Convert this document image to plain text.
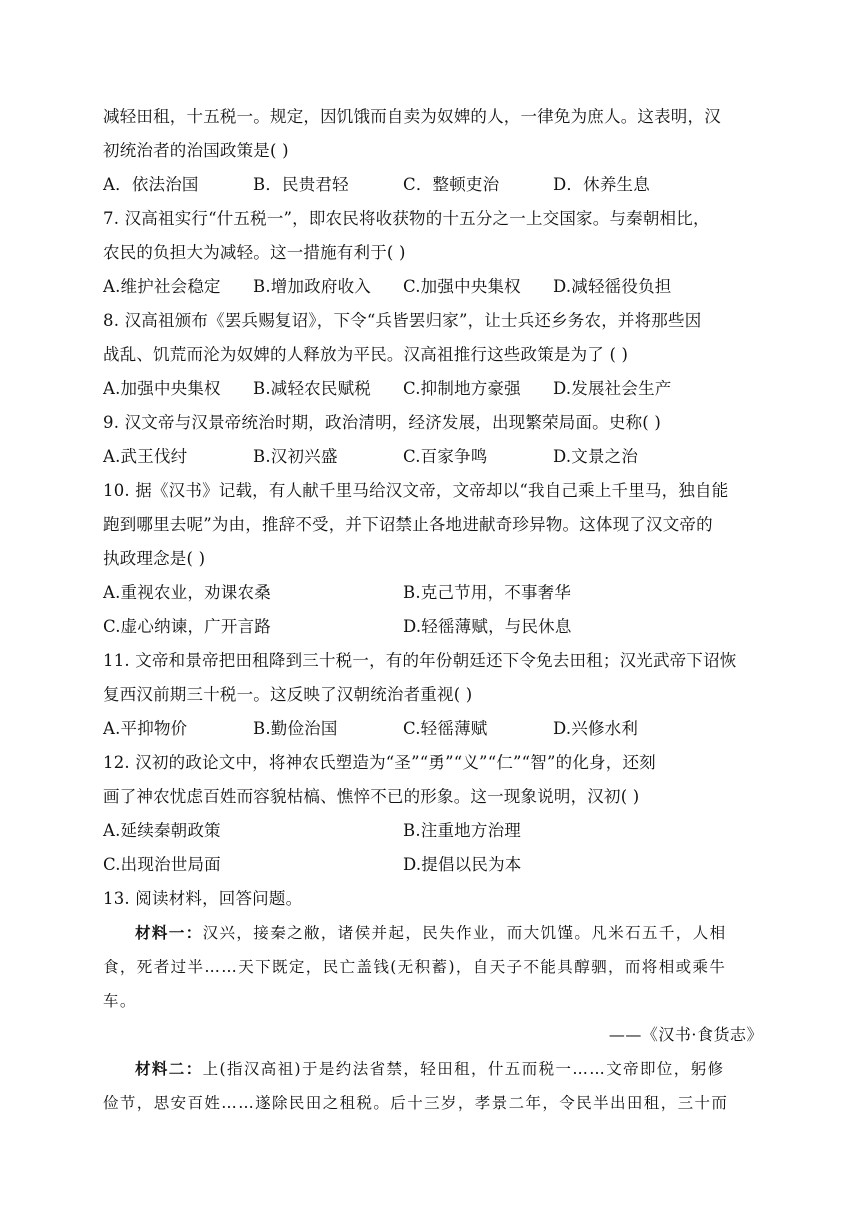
减轻田租，十五税一。规定，因饥饿而自卖为奴婢的人，一律免为庶人。这表明，汉
初统治者的治国政策是( )
A．依法治国	B．民贵君轻	C．整顿吏治	D．休养生息
7. 汉高祖实行“什五税一”，即农民将收获物的十五分之一上交国家。与秦朝相比，
农民的负担大为减轻。这一措施有利于( )
A.维护社会稳定	B.增加政府收入	C.加强中央集权	D.减轻徭役负担
8. 汉高祖颁布《罢兵赐复诏》，下令“兵皆罢归家”，让士兵还乡务农，并将那些因
战乱、饥荒而沦为奴婢的人释放为平民。汉高祖推行这些政策是为了 ( )
A.加强中央集权	B.减轻农民赋税	C.抑制地方豪强	D.发展社会生产
9. 汉文帝与汉景帝统治时期，政治清明，经济发展，出现繁荣局面。史称( )
A.武王伐纣	B.汉初兴盛	C.百家争鸣	D.文景之治
10. 据《汉书》记载，有人献千里马给汉文帝，文帝却以“我自己乘上千里马，独自能
跑到哪里去呢”为由，推辞不受，并下诏禁止各地进献奇珍异物。这体现了汉文帝的
执政理念是( )
A.重视农业，劝课农桑	B.克己节用，不事奢华
C.虚心纳谏，广开言路	D.轻徭薄赋，与民休息
11. 文帝和景帝把田租降到三十税一，有的年份朝廷还下令免去田租；汉光武帝下诏恢
复西汉前期三十税一。这反映了汉朝统治者重视( )
A.平抑物价	B.勤俭治国	C.轻徭薄赋	D.兴修水利
12. 汉初的政论文中，将神农氏塑造为“圣”“勇”“义”“仁”“智”的化身，还刻
画了神农忧虑百姓而容貌枯槁、憔悴不已的形象。这一现象说明，汉初( )
A.延续秦朝政策	B.注重地方治理
C.出现治世局面	D.提倡以民为本
13. 阅读材料，回答问题。
材料一：汉兴，接秦之敝，诸侯并起，民失作业，而大饥馑。凡米石五千，人相
食，死者过半……天下既定，民亡盖钱(无积蓄)，自天子不能具醇驷，而将相或乘牛
车。
——《汉书·食货志》
材料二：上(指汉高祖)于是约法省禁，轻田租，什五而税一……文帝即位，躬修
俭节，思安百姓……遂除民田之租税。后十三岁，孝景二年，令民半出田租，三十而
